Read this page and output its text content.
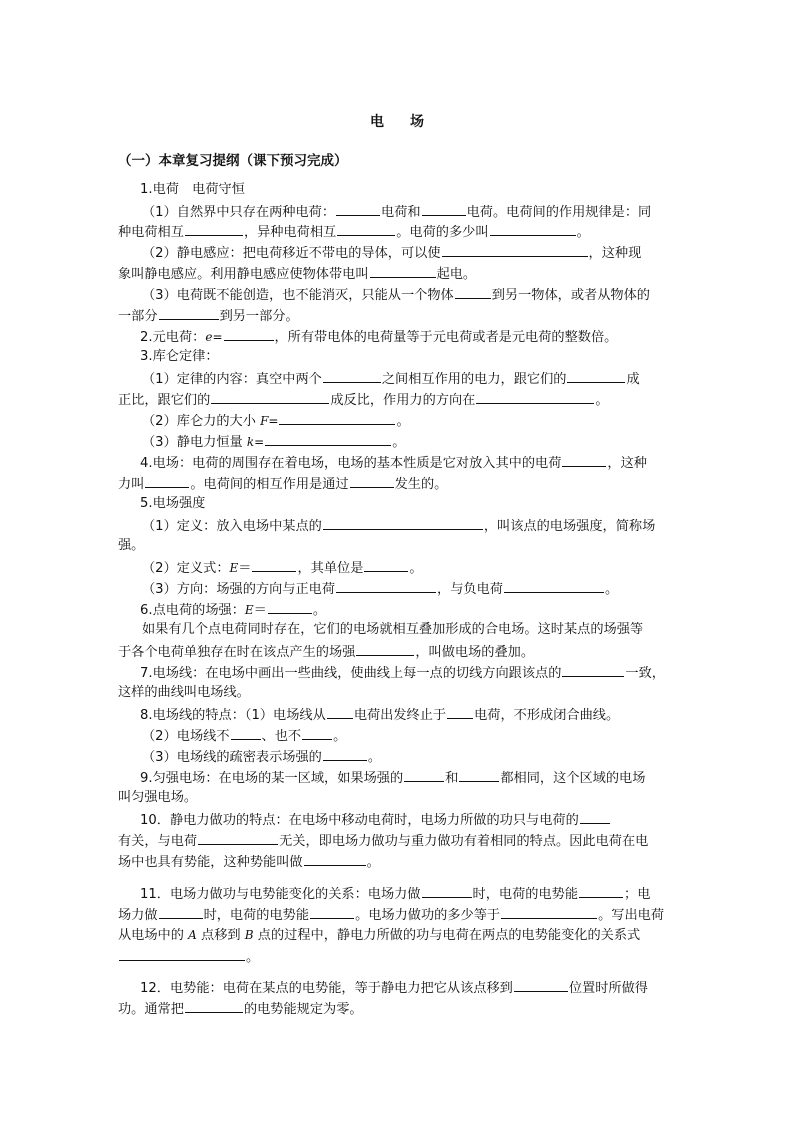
电 场
（一）本章复习提纲（课下预习完成）
1.电荷　电荷守恒
（1）自然界中只存在两种电荷：	电荷和	电荷。电荷间的作用规律是：同
种电荷相互	，异种电荷相互	。电荷的多少叫	。
（2）静电感应：把电荷移近不带电的导体，可以使	，这种现
象叫静电感应。利用静电感应使物体带电叫	起电。
（3）电荷既不能创造，也不能消灭，只能从一个物体	到另一物体，或者从物体的
一部分	到另一部分。
2.元电荷：e=	，所有带电体的电荷量等于元电荷或者是元电荷的整数倍。
3.库仑定律：
（1）定律的内容：真空中两个	之间相互作用的电力，跟它们的	成
正比，跟它们的	成反比，作用力的方向在	。
（2）库仑力的大小 F=	。
（3）静电力恒量 k=	。
4.电场：电荷的周围存在着电场，电场的基本性质是它对放入其中的电荷	，这种
力叫	。电荷间的相互作用是通过	发生的。
5.电场强度
（1）定义：放入电场中某点的	，叫该点的电场强度，简称场
强。
（2）定义式：E＝	，其单位是	。
（3）方向：场强的方向与正电荷	，与负电荷	。
6.点电荷的场强：E＝	。
如果有几个点电荷同时存在，它们的电场就相互叠加形成的合电场。这时某点的场强等
于各个电荷单独存在时在该点产生的场强	，叫做电场的叠加。
7.电场线：在电场中画出一些曲线，使曲线上每一点的切线方向跟该点的	一致，
这样的曲线叫电场线。
8.电场线的特点：（1）电场线从 电荷出发终止于 电荷，不形成闭合曲线。
（2）电场线不 、也不 。
（3）电场线的疏密表示场强的	。
9.匀强电场：在电场的某一区域，如果场强的	和	都相同，这个区域的电场
叫匀强电场。
10．静电力做功的特点：在电场中移动电荷时，电场力所做的功只与电荷的
有关，与电荷	无关，即电场力做功与重力做功有着相同的特点。因此电荷在电
场中也具有势能，这种势能叫做	。
11．电场力做功与电势能变化的关系：电场力做	时，电荷的电势能	；电
场力做	时，电荷的电势能	。电场力做功的多少等于	。写出电荷
从电场中的 A 点移到 B 点的过程中，静电力所做的功与电荷在两点的电势能变化的关系式
。
12．电势能：电荷在某点的电势能，等于静电力把它从该点移到	位置时所做得
功。通常把	的电势能规定为零。
